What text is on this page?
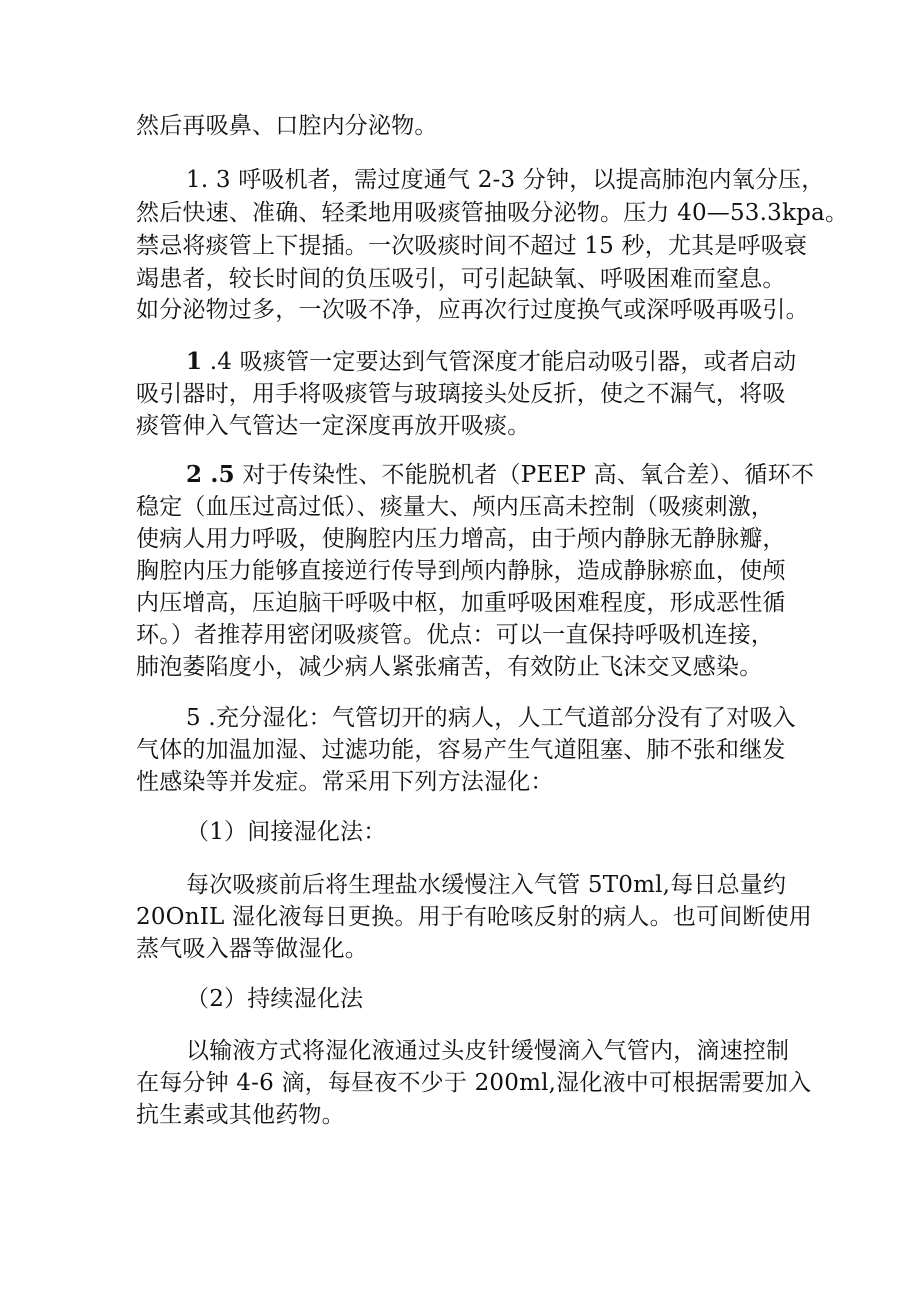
然后再吸鼻、口腔内分泌物。
1. 3 呼吸机者，需过度通气 2-3 分钟，以提高肺泡内氧分压，
然后快速、准确、轻柔地用吸痰管抽吸分泌物。压力 40—53.3kpa。
禁忌将痰管上下提插。一次吸痰时间不超过 15 秒，尤其是呼吸衰
竭患者，较长时间的负压吸引，可引起缺氧、呼吸困难而窒息。
如分泌物过多，一次吸不净，应再次行过度换气或深呼吸再吸引。
1 .4 吸痰管一定要达到气管深度才能启动吸引器，或者启动
吸引器时，用手将吸痰管与玻璃接头处反折，使之不漏气，将吸
痰管伸入气管达一定深度再放开吸痰。
2 .5 对于传染性、不能脱机者（PEEP 高、氧合差）、循环不
稳定（血压过高过低）、痰量大、颅内压高未控制（吸痰刺激，
使病人用力呼吸，使胸腔内压力增高，由于颅内静脉无静脉瓣，
胸腔内压力能够直接逆行传导到颅内静脉，造成静脉瘀血，使颅
内压增高，压迫脑干呼吸中枢，加重呼吸困难程度，形成恶性循
环。）者推荐用密闭吸痰管。优点：可以一直保持呼吸机连接，
肺泡萎陷度小，减少病人紧张痛苦，有效防止飞沫交叉感染。
5 .充分湿化：气管切开的病人，人工气道部分没有了对吸入
气体的加温加湿、过滤功能，容易产生气道阻塞、肺不张和继发
性感染等并发症。常采用下列方法湿化：
（1）间接湿化法：
每次吸痰前后将生理盐水缓慢注入气管 5T0ml,每日总量约
20OnIL 湿化液每日更换。用于有呛咳反射的病人。也可间断使用
蒸气吸入器等做湿化。
（2）持续湿化法
以输液方式将湿化液通过头皮针缓慢滴入气管内，滴速控制
在每分钟 4-6 滴，每昼夜不少于 200ml,湿化液中可根据需要加入
抗生素或其他药物。
